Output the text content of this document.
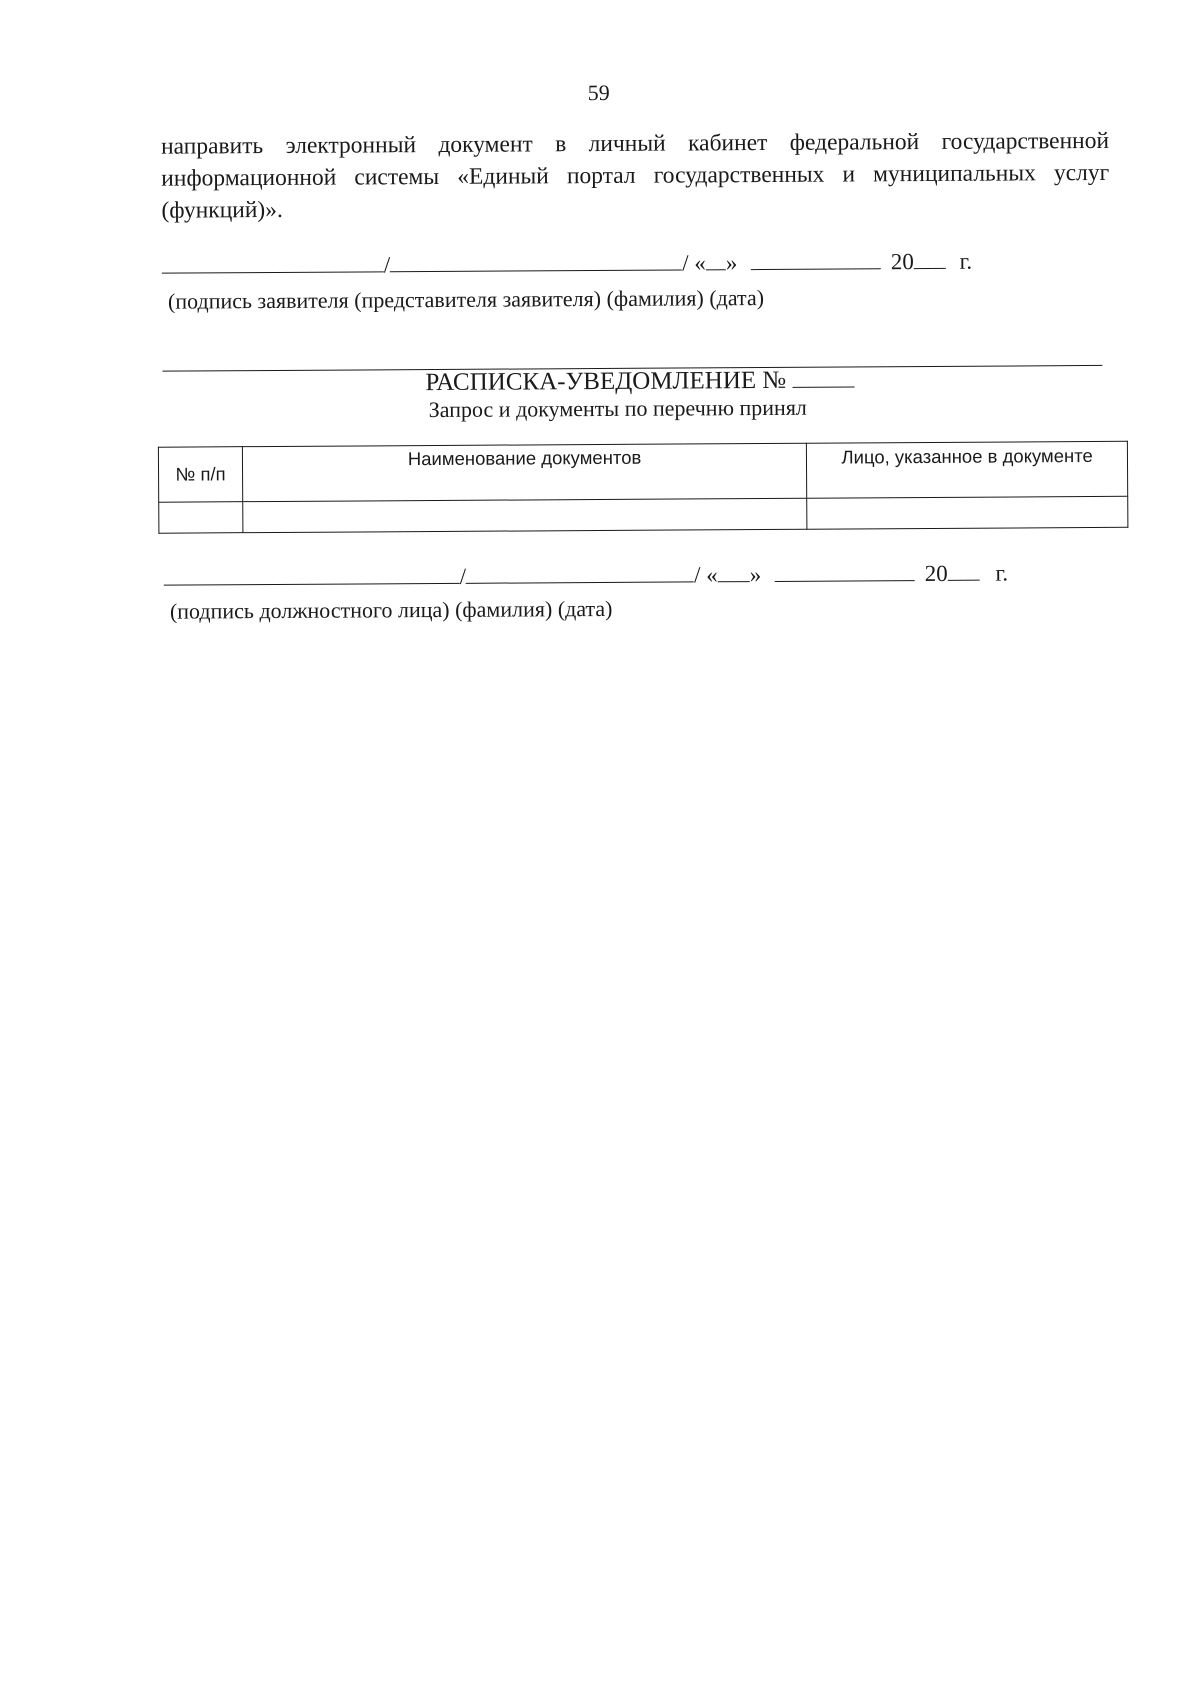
59
направить электронный документ в личный кабинет федеральной государственной информационной системы «Единый портал государственных и муниципальных услуг (функций)».
/	/ « »	20 г.
(подпись заявителя (представителя заявителя) (фамилия) (дата)
РАСПИСКА-УВЕДОМЛЕНИЕ №
Запрос и документы по перечню принял
№ п/п	Наименование документов	Лицо, указанное в документе

/	/ « »	20 г.
(подпись должностного лица) (фамилия) (дата)
